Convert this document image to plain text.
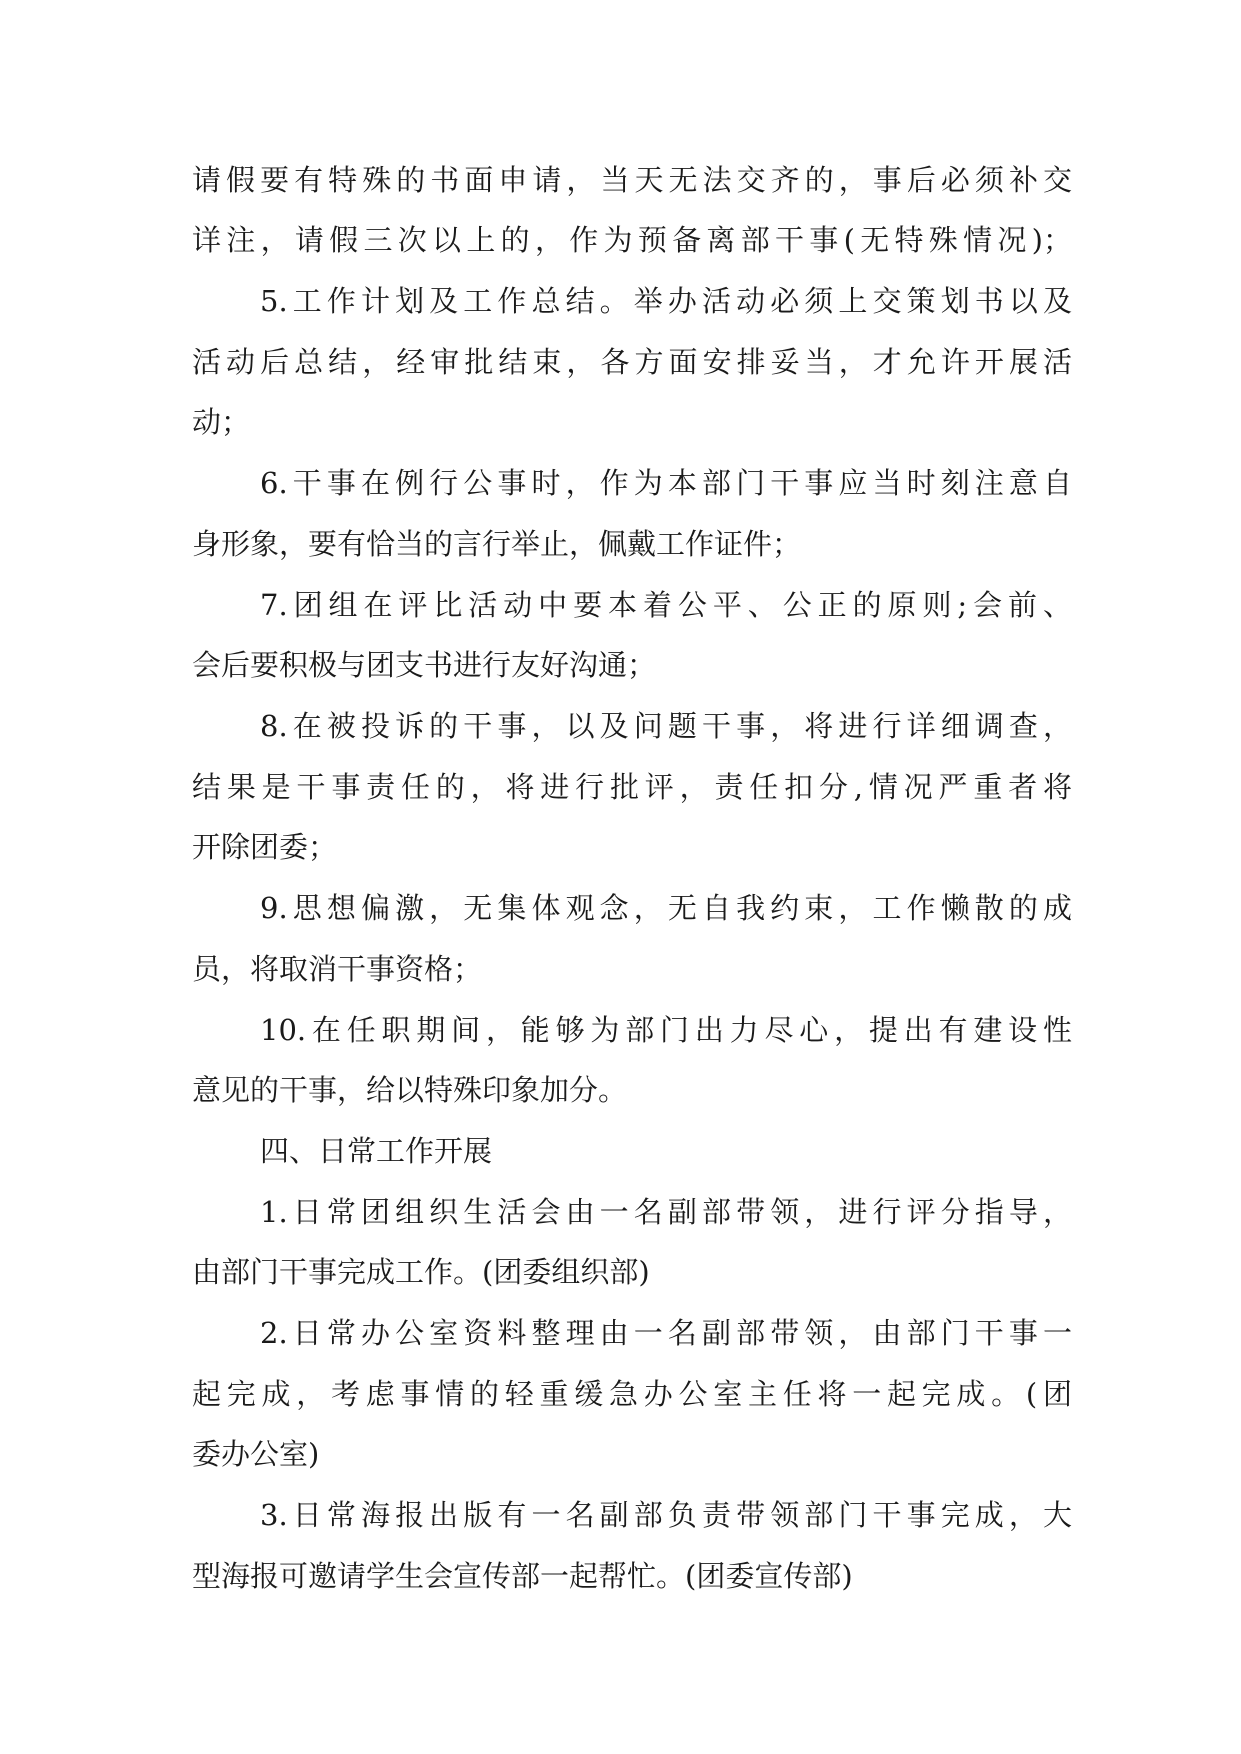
请假要有特殊的书面申请，当天无法交齐的，事后必须补交
详注，请假三次以上的，作为预备离部干事(无特殊情况)；
5.工作计划及工作总结。举办活动必须上交策划书以及
活动后总结，经审批结束，各方面安排妥当，才允许开展活
动；
6.干事在例行公事时，作为本部门干事应当时刻注意自
身形象，要有恰当的言行举止，佩戴工作证件；
7.团组在评比活动中要本着公平、公正的原则;会前、
会后要积极与团支书进行友好沟通；
8.在被投诉的干事，以及问题干事，将进行详细调查，
结果是干事责任的，将进行批评，责任扣分,情况严重者将
开除团委；
9.思想偏激，无集体观念，无自我约束，工作懒散的成
员，将取消干事资格；
10.在任职期间，能够为部门出力尽心，提出有建设性
意见的干事，给以特殊印象加分。
四、日常工作开展
1.日常团组织生活会由一名副部带领，进行评分指导，
由部门干事完成工作。(团委组织部)
2.日常办公室资料整理由一名副部带领，由部门干事一
起完成，考虑事情的轻重缓急办公室主任将一起完成。(团
委办公室)
3.日常海报出版有一名副部负责带领部门干事完成，大
型海报可邀请学生会宣传部一起帮忙。(团委宣传部)
